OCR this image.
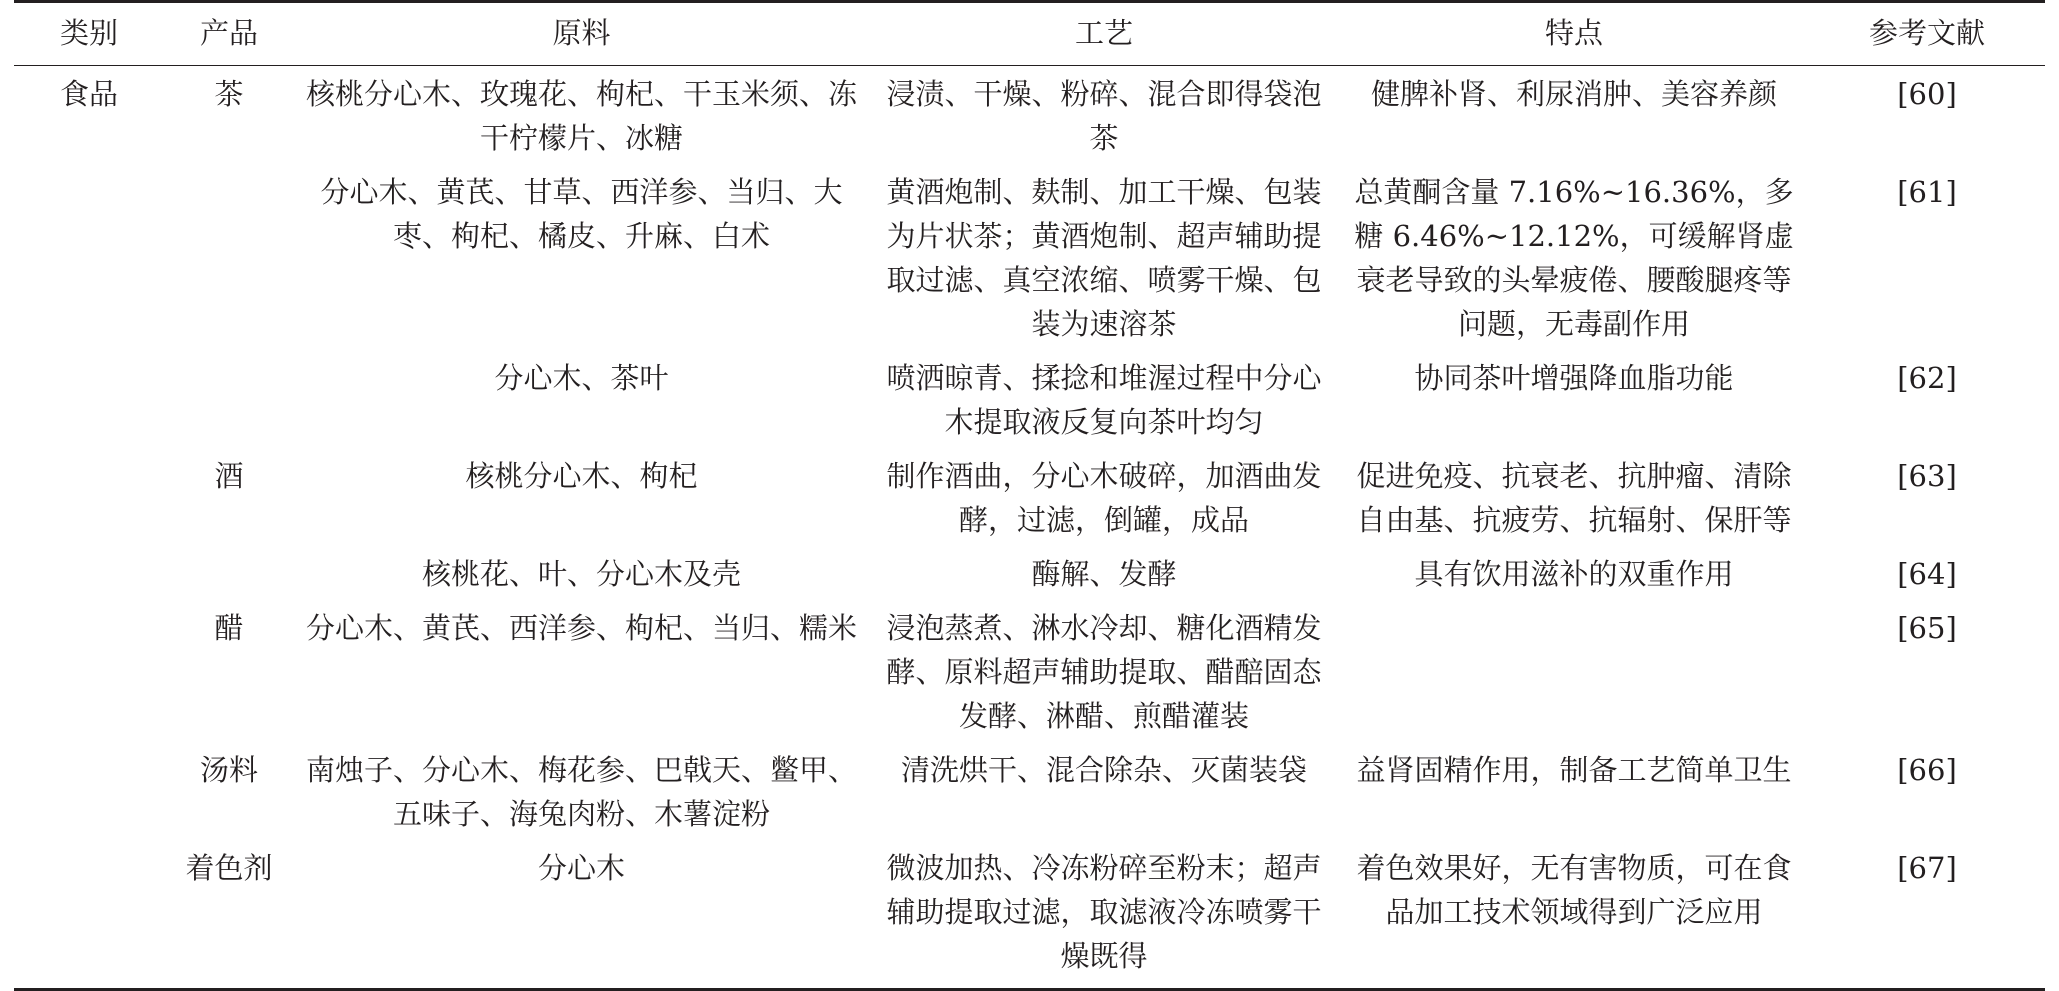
类别	产品	原料	工艺	特点	参考文献
食品	茶	核桃分心木、玫瑰花、枸杞、干玉米须、冻干柠檬片、冰糖	浸渍、干燥、粉碎、混合即得袋泡茶	健脾补肾、利尿消肿、美容养颜	[60]
		分心木、黄芪、甘草、西洋参、当归、大枣、枸杞、橘皮、升麻、白术	黄酒炮制、麸制、加工干燥、包装为片状茶；黄酒炮制、超声辅助提取过滤、真空浓缩、喷雾干燥、包装为速溶茶	总黄酮含量 7.16%~16.36%，多糖 6.46%~12.12%，可缓解肾虚衰老导致的头晕疲倦、腰酸腿疼等问题，无毒副作用	[61]
		分心木、茶叶	喷洒晾青、揉捻和堆渥过程中分心木提取液反复向茶叶均匀	协同茶叶增强降血脂功能	[62]
	酒	核桃分心木、枸杞	制作酒曲，分心木破碎，加酒曲发酵，过滤，倒罐，成品	促进免疫、抗衰老、抗肿瘤、清除自由基、抗疲劳、抗辐射、保肝等	[63]
		核桃花、叶、分心木及壳	酶解、发酵	具有饮用滋补的双重作用	[64]
	醋	分心木、黄芪、西洋参、枸杞、当归、糯米	浸泡蒸煮、淋水冷却、糖化酒精发酵、原料超声辅助提取、醋醅固态发酵、淋醋、煎醋灌装		[65]
	汤料	南烛子、分心木、梅花参、巴戟天、鳖甲、五味子、海兔肉粉、木薯淀粉	清洗烘干、混合除杂、灭菌装袋	益肾固精作用，制备工艺简单卫生	[66]
	着色剂	分心木	微波加热、冷冻粉碎至粉末；超声辅助提取过滤，取滤液冷冻喷雾干燥既得	着色效果好，无有害物质，可在食品加工技术领域得到广泛应用	[67]
